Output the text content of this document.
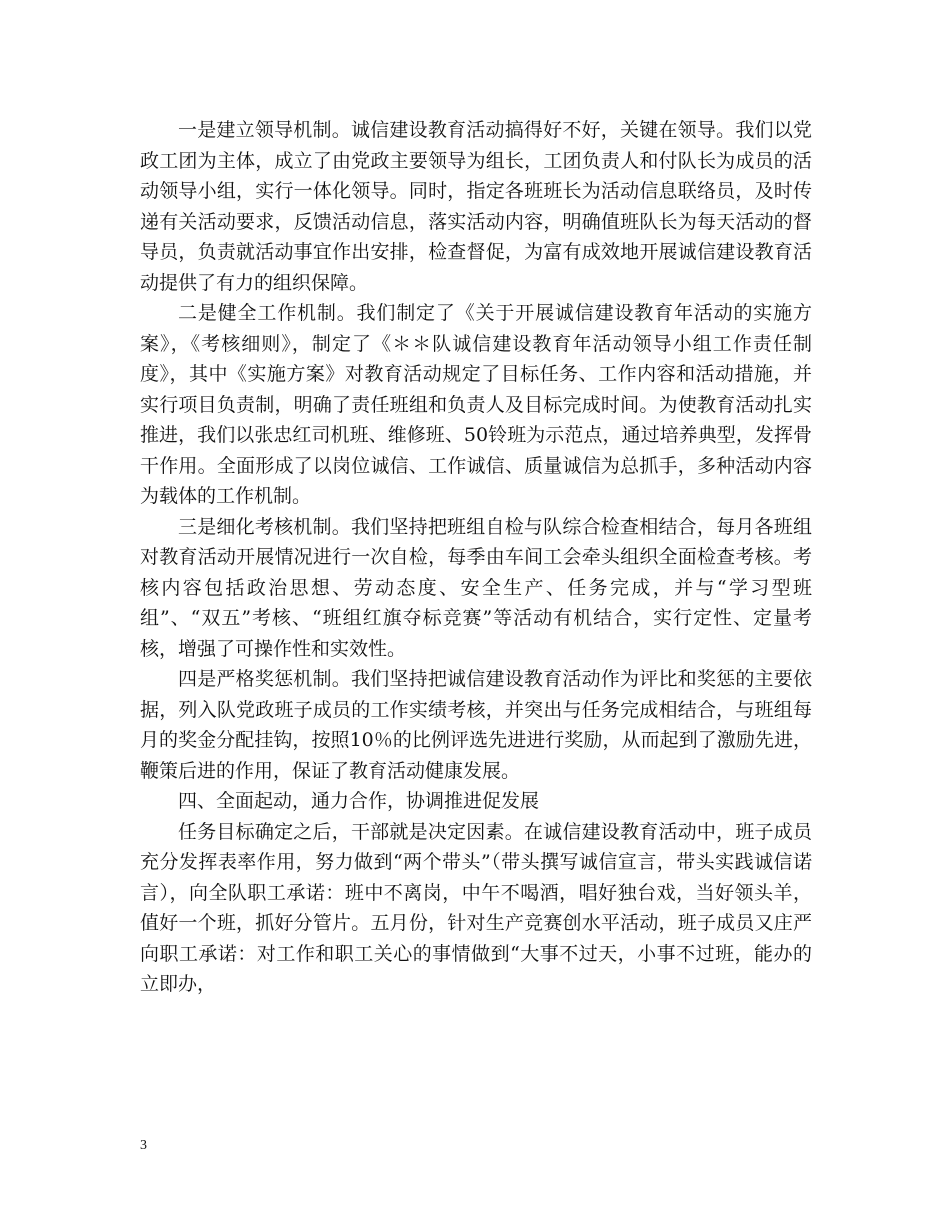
一是建立领导机制。诚信建设教育活动搞得好不好，关键在领导。我们以党政工团为主体，成立了由党政主要领导为组长，工团负责人和付队长为成员的活动领导小组，实行一体化领导。同时，指定各班班长为活动信息联络员，及时传递有关活动要求，反馈活动信息，落实活动内容，明确值班队长为每天活动的督导员，负责就活动事宜作出安排，检查督促，为富有成效地开展诚信建设教育活动提供了有力的组织保障。

二是健全工作机制。我们制定了《关于开展诚信建设教育年活动的实施方案》，《考核细则》，制定了《＊＊队诚信建设教育年活动领导小组工作责任制度》，其中《实施方案》对教育活动规定了目标任务、工作内容和活动措施，并实行项目负责制，明确了责任班组和负责人及目标完成时间。为使教育活动扎实推进，我们以张忠红司机班、维修班、50铃班为示范点，通过培养典型，发挥骨干作用。全面形成了以岗位诚信、工作诚信、质量诚信为总抓手，多种活动内容为载体的工作机制。

三是细化考核机制。我们坚持把班组自检与队综合检查相结合，每月各班组对教育活动开展情况进行一次自检，每季由车间工会牵头组织全面检查考核。考核内容包括政治思想、劳动态度、安全生产、任务完成，并与“学习型班组”、“双五”考核、“班组红旗夺标竞赛”等活动有机结合，实行定性、定量考核，增强了可操作性和实效性。

四是严格奖惩机制。我们坚持把诚信建设教育活动作为评比和奖惩的主要依据，列入队党政班子成员的工作实绩考核，并突出与任务完成相结合，与班组每月的奖金分配挂钩，按照10％的比例评选先进进行奖励，从而起到了激励先进，鞭策后进的作用，保证了教育活动健康发展。

四、全面起动，通力合作，协调推进促发展

任务目标确定之后，干部就是决定因素。在诚信建设教育活动中，班子成员充分发挥表率作用，努力做到“两个带头”（带头撰写诚信宣言，带头实践诚信诺言），向全队职工承诺：班中不离岗，中午不喝酒，唱好独台戏，当好领头羊，值好一个班，抓好分管片。五月份，针对生产竞赛创水平活动，班子成员又庄严向职工承诺：对工作和职工关心的事情做到“大事不过天，小事不过班，能办的立即办，

3
